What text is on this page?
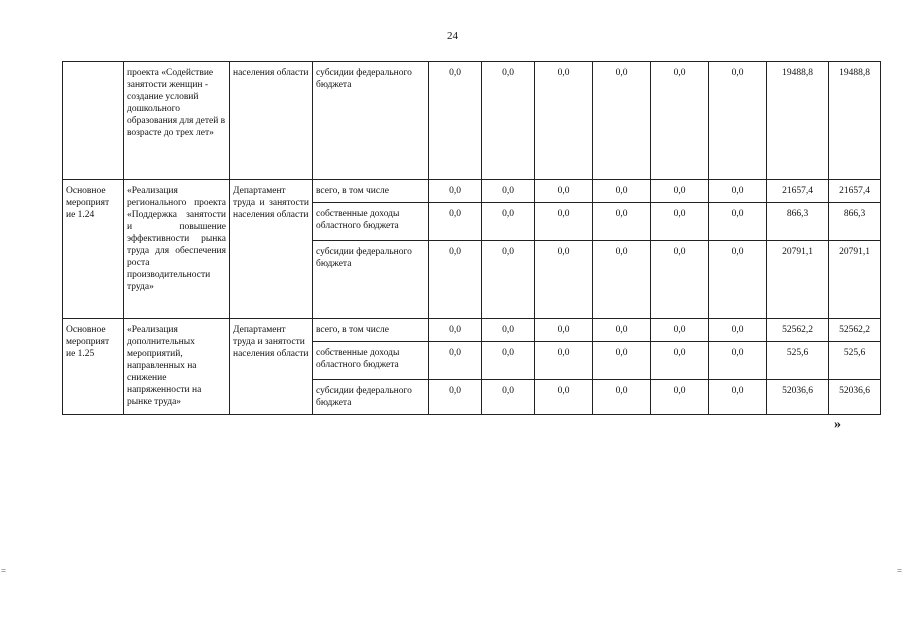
24
	проекта «Содействие занятости женщин - создание условий дошкольного образования для детей в возрасте до трех лет»	населения области	субсидии федерального бюджета	0,0	0,0	0,0	0,0	0,0	0,0	19488,8	19488,8
Основное мероприят ие 1.24	«Реализация регионального проекта «Поддержка занятости и повышение эффективности рынка труда для обеспечения роста производительности труда»	Департамент труда и занятости населения области	всего, в том числе	0,0	0,0	0,0	0,0	0,0	0,0	21657,4	21657,4
			собственные доходы областного бюджета	0,0	0,0	0,0	0,0	0,0	0,0	866,3	866,3
			субсидии федерального бюджета	0,0	0,0	0,0	0,0	0,0	0,0	20791,1	20791,1
Основное мероприят ие 1.25	«Реализация дополнительных мероприятий, направленных на снижение напряженности на рынке труда»	Департамент труда и занятости населения области	всего, в том числе	0,0	0,0	0,0	0,0	0,0	0,0	52562,2	52562,2
			собственные доходы областного бюджета	0,0	0,0	0,0	0,0	0,0	0,0	525,6	525,6
			субсидии федерального бюджета	0,0	0,0	0,0	0,0	0,0	0,0	52036,6	52036,6
»
=	=
